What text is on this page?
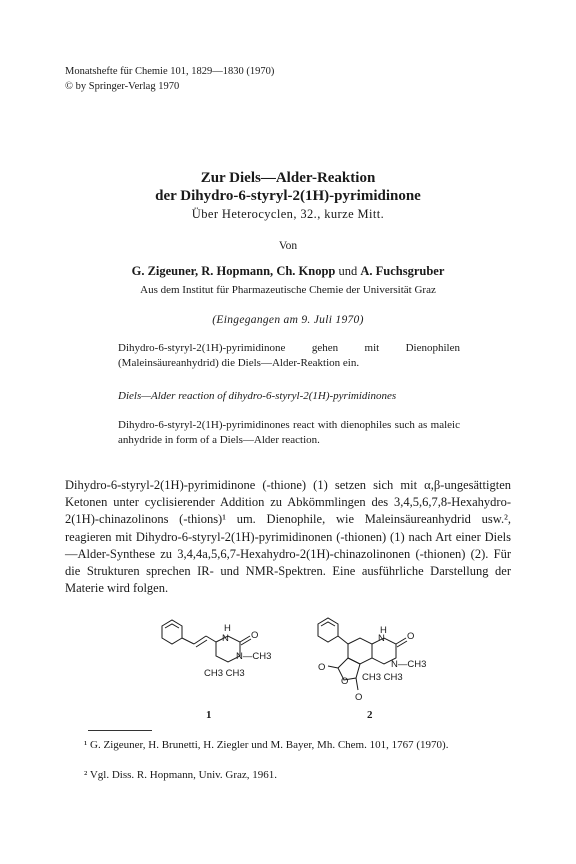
Monatshefte für Chemie 101, 1829—1830 (1970)
© by Springer-Verlag 1970
Zur Diels—Alder-Reaktion
der Dihydro-6-styryl-2(1H)-pyrimidinone
Über Heterocyclen, 32., kurze Mitt.
Von
G. Zigeuner, R. Hopmann, Ch. Knopp und A. Fuchsgruber
Aus dem Institut für Pharmazeutische Chemie der Universität Graz
(Eingegangen am 9. Juli 1970)
Dihydro-6-styryl-2(1H)-pyrimidinone gehen mit Dienophilen (Maleinsäureanhydrid) die Diels—Alder-Reaktion ein.
Diels—Alder reaction of dihydro-6-styryl-2(1H)-pyrimidinones
Dihydro-6-styryl-2(1H)-pyrimidinones react with dienophiles such as maleic anhydride in form of a Diels—Alder reaction.
Dihydro-6-styryl-2(1H)-pyrimidinone (-thione) (1) setzen sich mit α,β-ungesättigten Ketonen unter cyclisierender Addition zu Abkömmlingen des 3,4,5,6,7,8-Hexahydro-2(1H)-chinazolinons (-thions)¹ um. Dienophile, wie Maleinsäureanhydrid usw.², reagieren mit Dihydro-6-styryl-2(1H)-pyrimidinonen (-thionen) (1) nach Art einer Diels—Alder-Synthese zu 3,4,4a,5,6,7-Hexahydro-2(1H)-chinazolinonen (-thionen) (2). Für die Strukturen sprechen IR- und NMR-Spektren. Eine ausführliche Darstellung der Materie wird folgen.
H
N O
N—CH3
CH3 CH3
H
N O
N—CH3
O
O
O
CH3 CH3
1	2
¹ G. Zigeuner, H. Brunetti, H. Ziegler und M. Bayer, Mh. Chem. 101, 1767 (1970).
² Vgl. Diss. R. Hopmann, Univ. Graz, 1961.
